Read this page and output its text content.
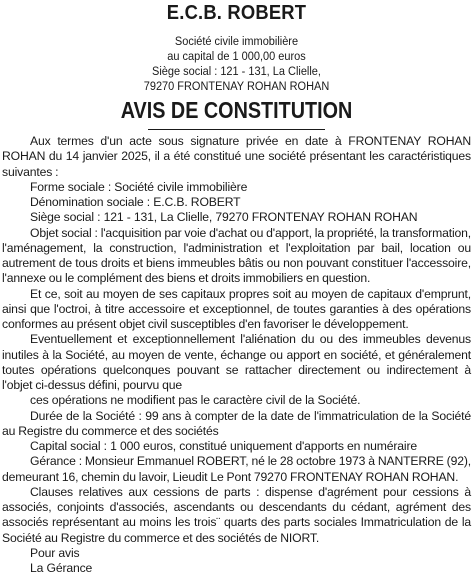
E.C.B. ROBERT
Société civile immobilière
au capital de 1 000,00 euros
Siège social : 121 - 131, La Clielle,
79270 FRONTENAY ROHAN ROHAN
AVIS DE CONSTITUTION
Aux termes d'un acte sous signature privée en date à FRONTENAY ROHAN ROHAN du 14 janvier 2025, il a été constitué une société présentant les caractéristiques suivantes :
Forme sociale : Société civile immobilière
Dénomination sociale : E.C.B. ROBERT
Siège social : 121 - 131, La Clielle, 79270 FRONTENAY ROHAN ROHAN
Objet social : l'acquisition par voie d'achat ou d'apport, la propriété, la transformation, l'aménagement, la construction, l'administration et l'exploitation par bail, location ou autrement de tous droits et biens immeubles bâtis ou non pouvant constituer l'accessoire, l'annexe ou le complément des biens et droits immobiliers en question.
Et ce, soit au moyen de ses capitaux propres soit au moyen de capitaux d'emprunt, ainsi que l'octroi, à titre accessoire et exceptionnel, de toutes garanties à des opérations conformes au présent objet civil susceptibles d'en favoriser le développement.
Eventuellement et exceptionnellement l'aliénation du ou des immeubles devenus inutiles à la Société, au moyen de vente, échange ou apport en société, et généralement toutes opérations quelconques pouvant se rattacher directement ou indirectement à l'objet ci-dessus défini, pourvu que
ces opérations ne modifient pas le caractère civil de la Société.
Durée de la Société : 99 ans à compter de la date de l'immatriculation de la Société au Registre du commerce et des sociétés
Capital social : 1 000 euros, constitué uniquement d'apports en numéraire
Gérance : Monsieur Emmanuel ROBERT, né le 28 octobre 1973 à NANTERRE (92), demeurant 16, chemin du lavoir, Lieudit Le Pont 79270 FRONTENAY ROHAN ROHAN.
Clauses relatives aux cessions de parts : dispense d'agrément pour cessions à associés, conjoints d'associés, ascendants ou descendants du cédant, agrément des associés représentant au moins les trois¨ quarts des parts sociales Immatriculation de la Société au Registre du commerce et des sociétés de NIORT.
Pour avis
La Gérance
